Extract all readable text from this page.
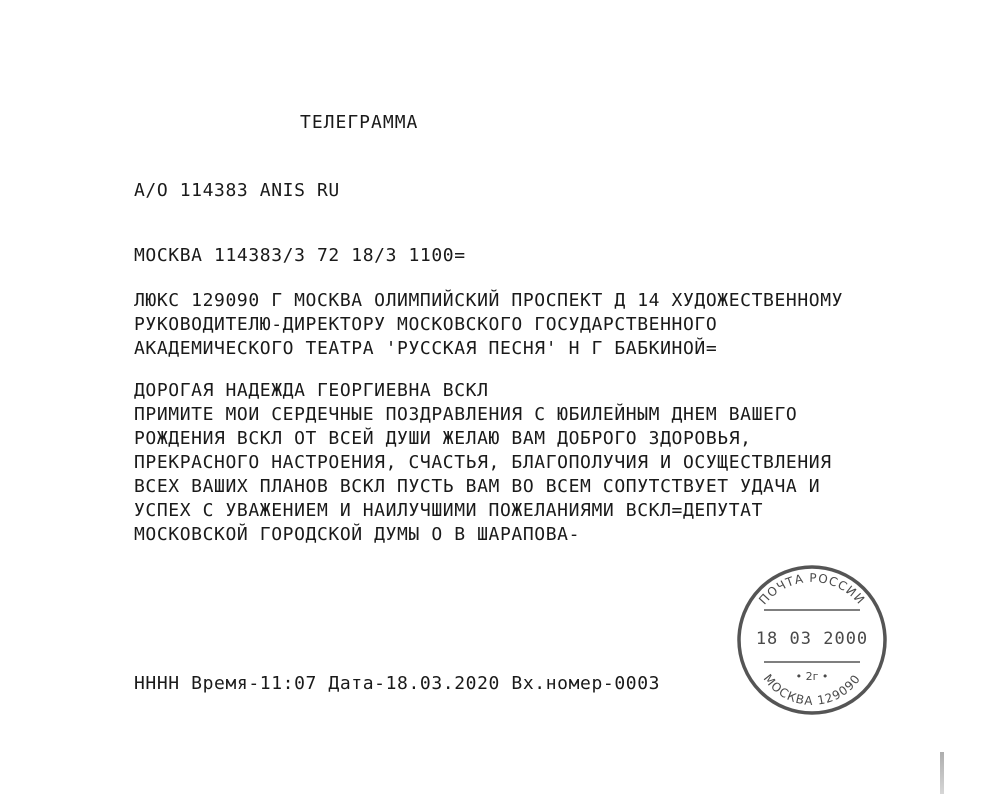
ТЕЛЕГРАММА

А/О 114383 ANIS RU

МОСКВА 114383/3 72 18/3 1100=

ЛЮКС 129090 Г МОСКВА ОЛИМПИЙСКИЙ ПРОСПЕКТ Д 14 ХУДОЖЕСТВЕННОМУ

РУКОВОДИТЕЛЮ-ДИРЕКТОРУ МОСКОВСКОГО ГОСУДАРСТВЕННОГО

АКАДЕМИЧЕСКОГО ТЕАТРА 'РУССКАЯ ПЕСНЯ' Н Г БАБКИНОЙ=

ДОРОГАЯ НАДЕЖДА ГЕОРГИЕВНА ВСКЛ

ПРИМИТЕ МОИ СЕРДЕЧНЫЕ ПОЗДРАВЛЕНИЯ С ЮБИЛЕЙНЫМ ДНЕМ ВАШЕГО

РОЖДЕНИЯ ВСКЛ ОТ ВСЕЙ ДУШИ ЖЕЛАЮ ВАМ ДОБРОГО ЗДОРОВЬЯ,

ПРЕКРАСНОГО НАСТРОЕНИЯ, СЧАСТЬЯ, БЛАГОПОЛУЧИЯ И ОСУЩЕСТВЛЕНИЯ

ВСЕХ ВАШИХ ПЛАНОВ ВСКЛ ПУСТЬ ВАМ ВО ВСЕМ СОПУТСТВУЕТ УДАЧА И

УСПЕХ С УВАЖЕНИЕМ И НАИЛУЧШИМИ ПОЖЕЛАНИЯМИ ВСКЛ=ДЕПУТАТ

МОСКОВСКОЙ ГОРОДСКОЙ ДУМЫ О В ШАРАПОВА-

НННН Время-11:07 Дата-18.03.2020 Вх.номер-0003

ПОЧТА РОССИИ
18 03 2000
• 2г •
МОСКВА 129090
